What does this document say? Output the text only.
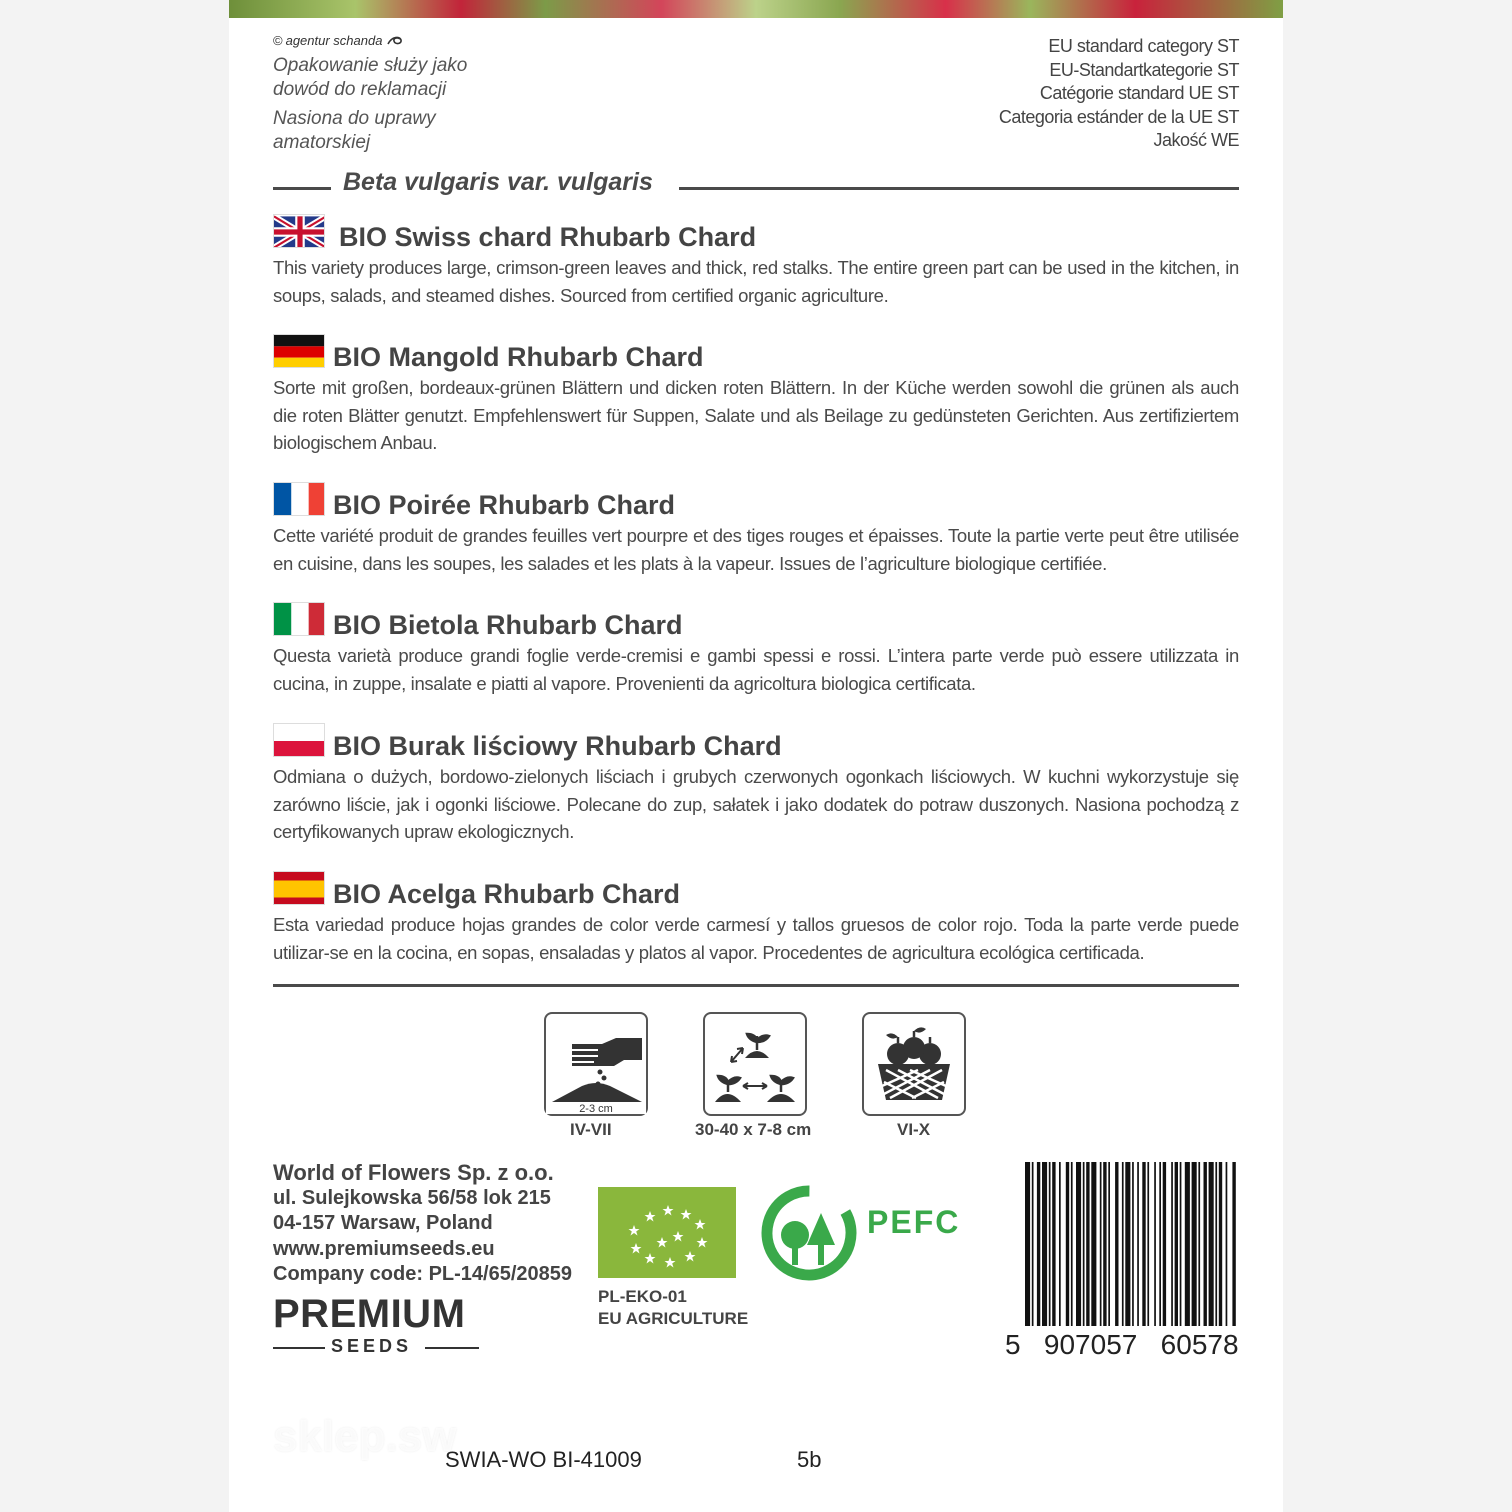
© agentur schanda

Opakowanie służy jako
dowód do reklamacji

Nasiona do uprawy
amatorskiej

EU standard category ST
EU-Standartkategorie ST
Catégorie standard UE ST
Categoria estánder de la UE ST
Jakość WE
Beta vulgaris var. vulgaris
BIO Swiss chard Rhubarb Chard

This variety produces large, crimson-green leaves and thick, red stalks. The entire green part can be used in the kitchen, in soups, salads, and steamed dishes. Sourced from certified organic agriculture.

BIO Mangold Rhubarb Chard

Sorte mit großen, bordeaux-grünen Blättern und dicken roten Blättern. In der Küche werden sowohl die grünen als auch die roten Blätter genutzt. Empfehlenswert für Suppen, Salate und als Beilage zu gedünsteten Gerichten. Aus zertifiziertem biologischem Anbau.

BIO Poirée Rhubarb Chard

Cette variété produit de grandes feuilles vert pourpre et des tiges rouges et épaisses. Toute la partie verte peut être utilisée en cuisine, dans les soupes, les salades et les plats à la vapeur. Issues de l’agriculture biologique certifiée.

BIO Bietola Rhubarb Chard

Questa varietà produce grandi foglie verde-cremisi e gambi spessi e rossi. L’intera parte verde può essere utilizzata in cucina, in zuppe, insalate e piatti al vapore. Provenienti da agricoltura biologica certificata.

BIO Burak liściowy Rhubarb Chard

Odmiana o dużych, bordowo-zielonych liściach i grubych czerwonych ogonkach liściowych. W kuchni wykorzystuje się zarówno liście, jak i ogonki liściowe. Polecane do zup, sałatek i jako dodatek do potraw duszonych. Nasiona pochodzą z certyfikowanych upraw ekologicznych.

BIO Acelga Rhubarb Chard

Esta variedad produce hojas grandes de color verde carmesí y tallos gruesos de color rojo. Toda la parte verde puede utilizar-se en la cocina, en sopas, ensaladas y platos al vapor. Procedentes de agricultura ecológica certificada.

2-3 cm
IV-VII	30-40 x 7-8 cm	VI-X
World of Flowers Sp. z o.o.
ul. Sulejkowska 56/58 lok 215
04-157 Warsaw, Poland
www.premiumseeds.eu
Company code: PL-14/65/20859
PREMIUM
SEEDS
PL-EKO-01
EU AGRICULTURE
PEFC
5   907057   605781
sklep.sw
SWIA-WO BI-41009	5b
